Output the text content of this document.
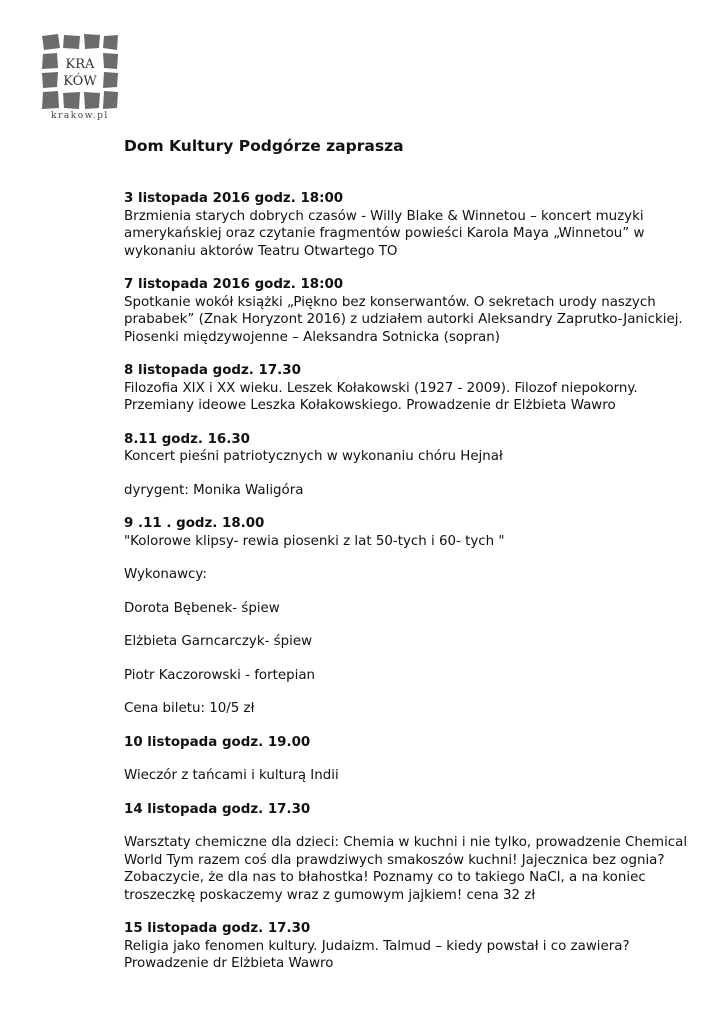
KRA
KÓW
krakow.pl
Dom Kultury Podgórze zaprasza
3 listopada 2016 godz. 18:00
Brzmienia starych dobrych czasów - Willy Blake & Winnetou – koncert muzyki
amerykańskiej oraz czytanie fragmentów powieści Karola Maya „Winnetou” w
wykonaniu aktorów Teatru Otwartego TO
7 listopada 2016 godz. 18:00
Spotkanie wokół książki „Piękno bez konserwantów. O sekretach urody naszych
prababek” (Znak Horyzont 2016) z udziałem autorki Aleksandry Zaprutko-Janickiej.
Piosenki międzywojenne – Aleksandra Sotnicka (sopran)
8 listopada godz. 17.30
Filozofia XIX i XX wieku. Leszek Kołakowski (1927 - 2009). Filozof niepokorny.
Przemiany ideowe Leszka Kołakowskiego. Prowadzenie dr Elżbieta Wawro
8.11 godz. 16.30
Koncert pieśni patriotycznych w wykonaniu chóru Hejnał
dyrygent: Monika Waligóra
9 .11 . godz. 18.00
"Kolorowe klipsy- rewia piosenki z lat 50-tych i 60- tych "
Wykonawcy:
Dorota Bębenek- śpiew
Elżbieta Garncarczyk- śpiew
Piotr Kaczorowski - fortepian
Cena biletu: 10/5 zł
10 listopada godz. 19.00
Wieczór z tańcami i kulturą Indii
14 listopada godz. 17.30
Warsztaty chemiczne dla dzieci: Chemia w kuchni i nie tylko, prowadzenie Chemical
World Tym razem coś dla prawdziwych smakoszów kuchni! Jajecznica bez ognia?
Zobaczycie, że dla nas to błahostka! Poznamy co to takiego NaCl, a na koniec
troszeczkę poskaczemy wraz z gumowym jajkiem! cena 32 zł
15 listopada godz. 17.30
Religia jako fenomen kultury. Judaizm. Talmud – kiedy powstał i co zawiera?
Prowadzenie dr Elżbieta Wawro
